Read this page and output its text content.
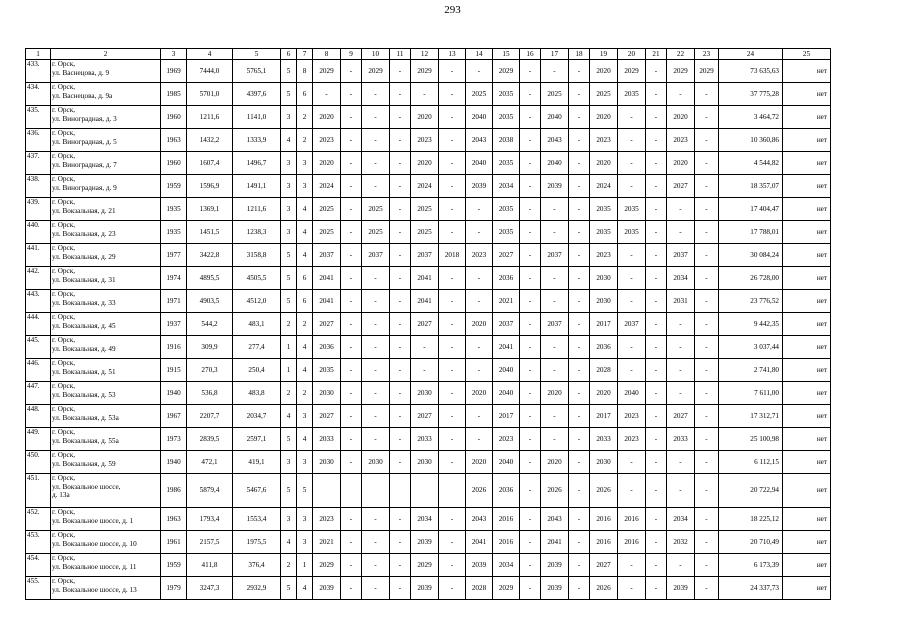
293
1	2	3	4	5	6	7	8	9	10	11	12	13	14	15	16	17	18	19	20	21	22	23	24	25
433.	г. Орск,
ул. Васнецова, д. 9	1969	7444,0	5765,1	5	8	2029	-	2029	-	2029	-	-	2029	-	-	-	2020	2029	-	2029	2029	73 635,63	нет
434.	г. Орск,
ул. Васнецова, д. 9а	1985	5701,0	4397,6	5	6	-	-	-	-	-	-	2025	2035	-	2025	-	2025	2035	-	-	-	37 775,28	нет
435.	г. Орск,
ул. Виноградная, д. 3	1960	1211,6	1141,0	3	2	2020	-	-	-	2020	-	2040	2035	-	2040	-	2020	-	-	2020	-	3 464,72	нет
436.	г. Орск,
ул. Виноградная, д. 5	1963	1432,2	1333,9	4	2	2023	-	-	-	2023	-	2043	2038	-	2043	-	2023	-	-	2023	-	10 360,86	нет
437.	г. Орск,
ул. Виноградная, д. 7	1960	1607,4	1496,7	3	3	2020	-	-	-	2020	-	2040	2035	-	2040	-	2020	-	-	2020	-	4 544,82	нет
438.	г. Орск,
ул. Виноградная, д. 9	1959	1596,9	1491,1	3	3	2024	-	-	-	2024	-	2039	2034	-	2039	-	2024	-	-	2027	-	18 357,07	нет
439.	г. Орск,
ул. Вокзальная, д. 21	1935	1369,1	1211,6	3	4	2025	-	2025	-	2025	-	-	2035	-	-	-	2035	2035	-	-	-	17 404,47	нет
440.	г. Орск,
ул. Вокзальная, д. 23	1935	1451,5	1238,3	3	4	2025	-	2025	-	2025	-	-	2035	-	-	-	2035	2035	-	-	-	17 788,01	нет
441.	г. Орск,
ул. Вокзальная, д. 29	1977	3422,8	3158,8	5	4	2037	-	2037	-	2037	2018	2023	2027	-	2037	-	2023	-	-	2037	-	30 084,24	нет
442.	г. Орск,
ул. Вокзальная, д. 31	1974	4895,5	4505,5	5	6	2041	-	-	-	2041	-	-	2036	-	-	-	2030	-	-	2034	-	26 728,00	нет
443.	г. Орск,
ул. Вокзальная, д. 33	1971	4903,5	4512,0	5	6	2041	-	-	-	2041	-	-	2021	-	-	-	2030	-	-	2031	-	23 776,52	нет
444.	г. Орск,
ул. Вокзальная, д. 45	1937	544,2	483,1	2	2	2027	-	-	-	2027	-	2020	2037	-	2037	-	2017	2037	-	-	-	9 442,35	нет
445.	г. Орск,
ул. Вокзальная, д. 49	1916	309,9	277,4	1	4	2036	-	-	-	-	-	-	2041	-	-	-	2036	-	-	-	-	3 037,44	нет
446.	г. Орск,
ул. Вокзальная, д. 51	1915	270,3	250,4	1	4	2035	-	-	-	-	-	-	2040	-	-	-	2028	-	-	-	-	2 741,80	нет
447.	г. Орск,
ул. Вокзальная, д. 53	1940	536,8	483,8	2	2	2030	-	-	-	2030	-	2020	2040	-	2020	-	2020	2040	-	-	-	7 611,00	нет
448.	г. Орск,
ул. Вокзальная, д. 53а	1967	2207,7	2034,7	4	3	2027	-	-	-	2027	-	-	2017	-	-	-	2017	2023	-	2027	-	17 312,71	нет
449.	г. Орск,
ул. Вокзальная, д. 55а	1973	2839,5	2597,1	5	4	2033	-	-	-	2033	-	-	2023	-	-	-	2033	2023	-	2033	-	25 100,98	нет
450.	г. Орск,
ул. Вокзальная, д. 59	1940	472,1	419,1	3	3	2030	-	2030	-	2030	-	2020	2040	-	2020	-	2030	-	-	-	-	6 112,15	нет
451.	г. Орск,
ул. Вокзальное шоссе,
д. 13а	1986	5879,4	5467,6	5	5							2026	2036	-	2026	-	2026	-	-	-	-	20 722,94	нет
452.	г. Орск,
ул. Вокзальное шоссе, д. 1	1963	1793,4	1553,4	3	3	2023	-	-	-	2034	-	2043	2016	-	2043	-	2016	2016	-	2034	-	18 225,12	нет
453.	г. Орск,
ул. Вокзальное шоссе, д. 10	1961	2157,5	1975,5	4	3	2021	-	-	-	2039	-	2041	2016	-	2041	-	2016	2016	-	2032	-	20 710,49	нет
454.	г. Орск,
ул. Вокзальное шоссе, д. 11	1959	411,8	376,4	2	1	2029	-	-	-	2029	-	2039	2034	-	2039	-	2027	-	-	-	-	6 173,39	нет
455.	г. Орск,
ул. Вокзальное шоссе, д. 13	1979	3247,3	2932,9	5	4	2039	-	-	-	2039	-	2028	2029	-	2039	-	2026	-	-	2039	-	24 337,73	нет
